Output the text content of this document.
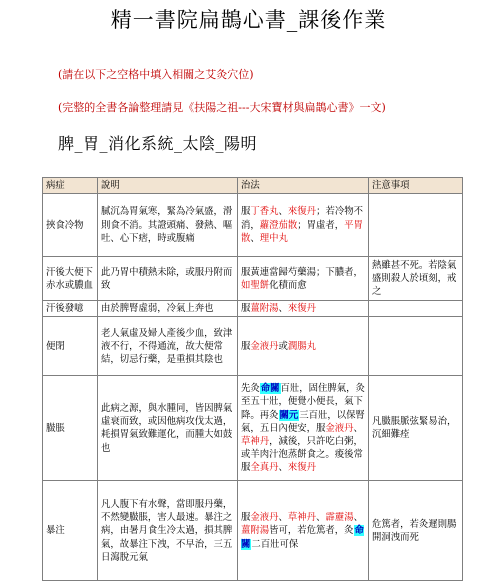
精一書院扁鵲心書_課後作業
(請在以下之空格中填入相關之艾灸穴位)
(完整的全書各論整理請見《扶陽之祖---大宋寶材與扁鵲心書》一文)
脾_胃_消化系統_太陰_陽明
病症	說明	治法	注意事項
挾食冷物	膩沉為胃氣寒，緊為冷氣盛，滑則食不消。其證頭痛、發熱、嘔吐、心下痞，時或腹痛	服丁香丸、來復丹；若冷物不消，蘿澄茄散；胃虛者，平胃散、理中丸	
汗後大便下赤水或膿血	此乃胃中積熱未除，或服丹附而致	服黃連當歸芍藥湯；下膿者，如聖餅化積而愈	熱雖甚不死。若陰氣盛則殺人於頃刻，戒之
汗後發噫	由於脾腎虛弱，冷氣上奔也	服薑附湯、來復丹	
便閉	老人氣虛及婦人產後少血，致津液不行，不得通流，故大便常結，切忌行藥，是重損其陰也	服金液丹或潤腸丸	
臌脹	此病之源，與水腫同，皆因脾氣虛衰而致，或因他病攻伐太過，耗損胃氣致難運化，而腫大如鼓也	先灸命關百壯，固住脾氣，灸至五十壯，便覺小便長，氣下降。再灸關元三百壯，以保腎氣，五日內便安，服金液丹、草神丹，減後，只許吃白粥，或羊肉汁泡蒸餅食之。痠後常服全真丹、來復丹	凡臌脹脈弦緊易治，沉細難痊
暴注	凡人腹下有水聲，當即服丹藥，不然變臌脹，害人最速。暴注之病，由暑月食生冷太過，損其脾氣，故暴注下洩，不早治，三五日瀉脫元氣	服金液丹、草神丹、霹靂湯、薑附湯皆可，若危篤者，灸命關二百壯可保	危篤者，若灸遲則腸開洞洩而死
